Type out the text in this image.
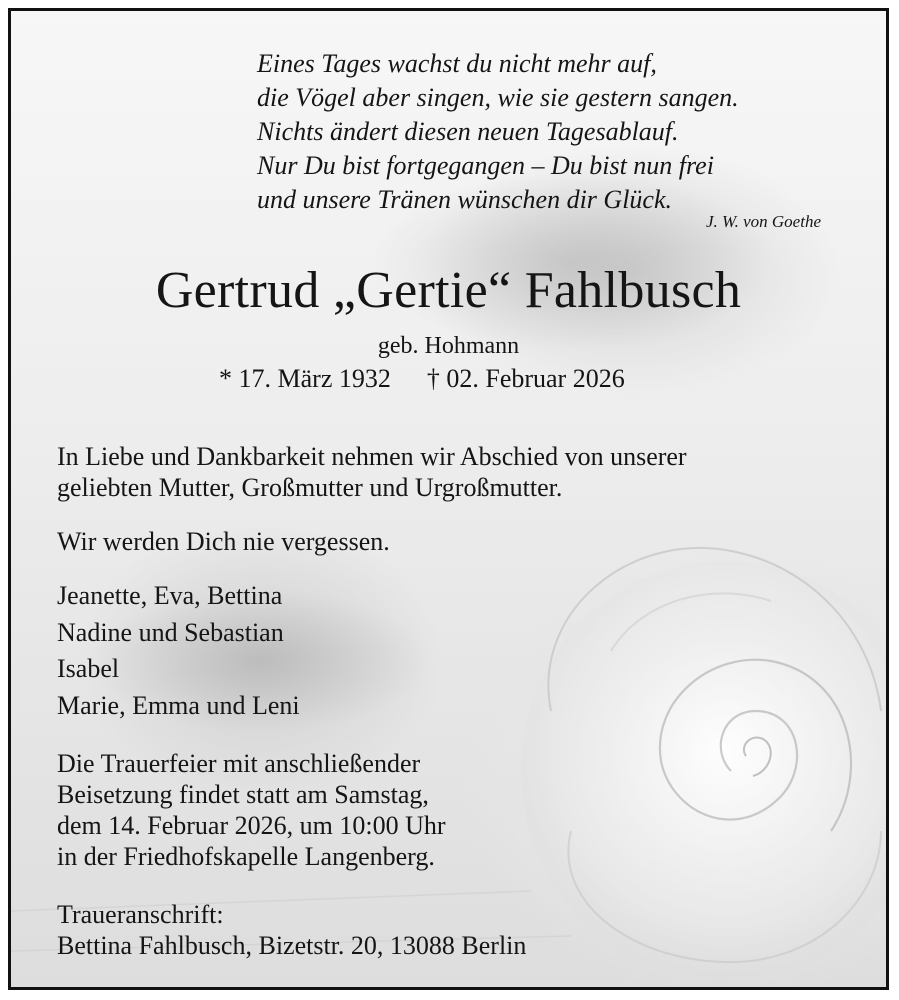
Eines Tages wachst du nicht mehr auf,
die Vögel aber singen, wie sie gestern sangen.
Nichts ändert diesen neuen Tagesablauf.
Nur Du bist fortgegangen – Du bist nun frei
und unsere Tränen wünschen dir Glück.
J. W. von Goethe
Gertrud „Gertie“ Fahlbusch
geb. Hohmann
* 17. März 1932 † 02. Februar 2026
In Liebe und Dankbarkeit nehmen wir Abschied von unserer
geliebten Mutter, Großmutter und Urgroßmutter.
Wir werden Dich nie vergessen.
Jeanette, Eva, Bettina
Nadine und Sebastian
Isabel
Marie, Emma und Leni
Die Trauerfeier mit anschließender
Beisetzung findet statt am Samstag,
dem 14. Februar 2026, um 10:00 Uhr
in der Friedhofskapelle Langenberg.
Traueranschrift:
Bettina Fahlbusch, Bizetstr. 20, 13088 Berlin
